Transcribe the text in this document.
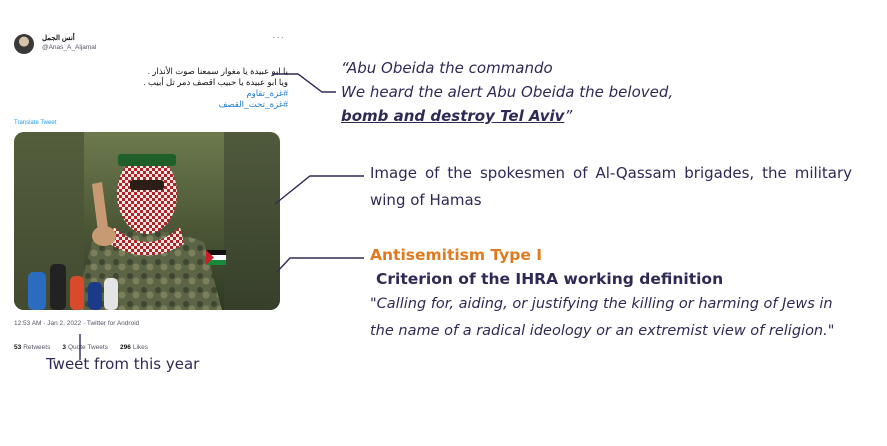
أنس الجمل
@Anas_A_Aljamal
···
يا ابو عبيدة يا مغوار سمعنا صوت الأنذار .
ويا ابو عبيدة يا حبيب اقصف دمر تل أبيب .
#غزة_تقاوم
#غزة_تحت_القصف
Translate Tweet
12:53 AM · Jan 2, 2022 · Twitter for Android
53 Retweets 3 Quote Tweets 296 Likes
“Abu Obeida the commando
We heard the alert Abu Obeida the beloved,
bomb and destroy Tel Aviv”
Image of the spokesmen of Al-Qassam brigades, the military wing of Hamas
Antisemitism Type I
Criterion of the IHRA working definition
"Calling for, aiding, or justifying the killing or harming of Jews in
the name of a radical ideology or an extremist view of religion."
Tweet from this year
